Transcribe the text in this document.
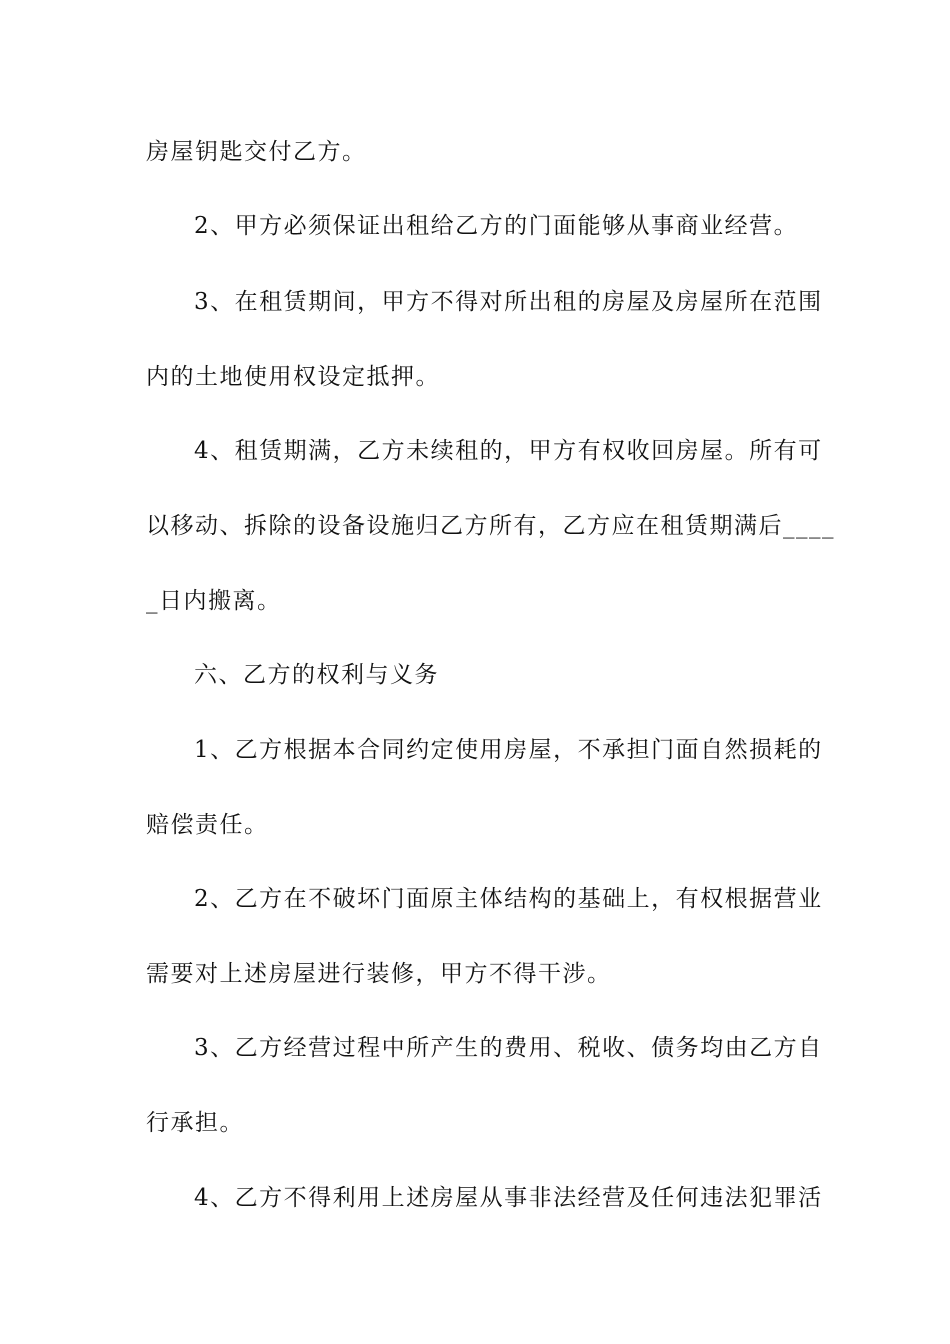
房屋钥匙交付乙方。

2、甲方必须保证出租给乙方的门面能够从事商业经营。

3、在租赁期间，甲方不得对所出租的房屋及房屋所在范围

内的土地使用权设定抵押。

4、租赁期满，乙方未续租的，甲方有权收回房屋。所有可

以移动、拆除的设备设施归乙方所有，乙方应在租赁期满后____

_日内搬离。

六、乙方的权利与义务

1、乙方根据本合同约定使用房屋，不承担门面自然损耗的

赔偿责任。

2、乙方在不破坏门面原主体结构的基础上，有权根据营业

需要对上述房屋进行装修，甲方不得干涉。

3、乙方经营过程中所产生的费用、税收、债务均由乙方自

行承担。

4、乙方不得利用上述房屋从事非法经营及任何违法犯罪活
